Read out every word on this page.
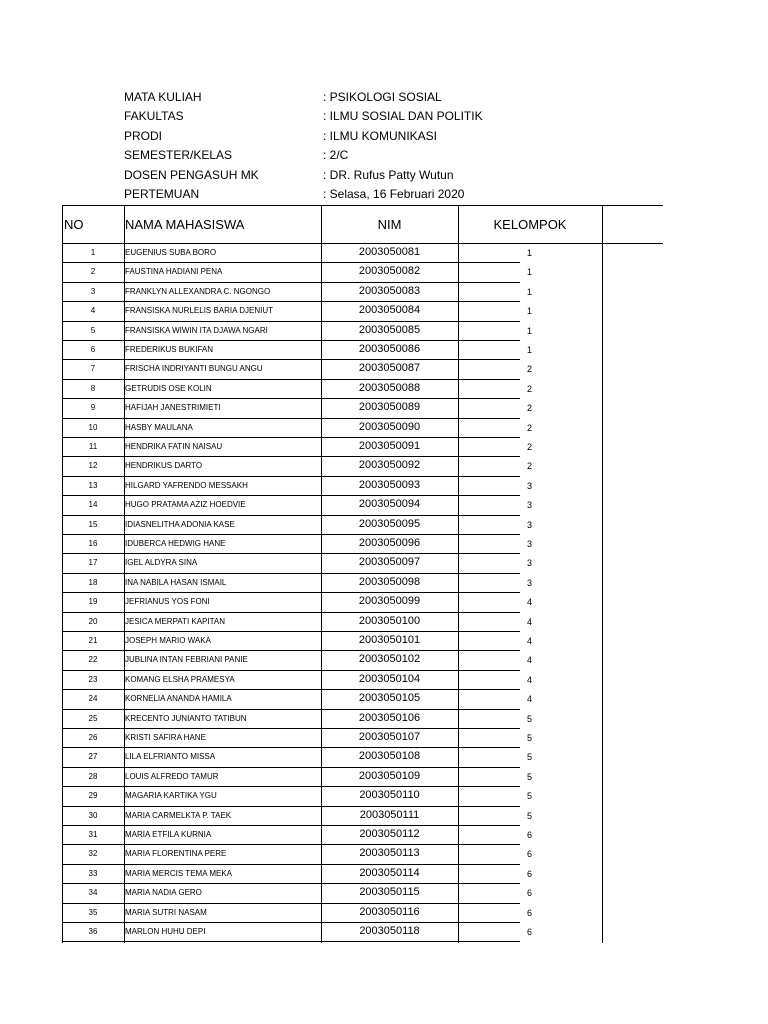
MATA KULIAH	: PSIKOLOGI SOSIAL
FAKULTAS	: ILMU SOSIAL DAN POLITIK
PRODI	: ILMU KOMUNIKASI
SEMESTER/KELAS	: 2/C
DOSEN PENGASUH MK	: DR. Rufus Patty Wutun
PERTEMUAN	: Selasa, 16 Februari 2020
NO	NAMA MAHASISWA	NIM	KELOMPOK
1	EUGENIUS SUBA BORO	2003050081	1
2	FAUSTINA HADIANI PENA	2003050082	1
3	FRANKLYN ALLEXANDRA C. NGONGO	2003050083	1
4	FRANSISKA NURLELIS BARIA DJENIUT	2003050084	1
5	FRANSISKA WIWIN ITA DJAWA NGARI	2003050085	1
6	FREDERIKUS BUKIFAN	2003050086	1
7	FRISCHA INDRIYANTI BUNGU ANGU	2003050087	2
8	GETRUDIS OSE KOLIN	2003050088	2
9	HAFIJAH JANESTRIMIETI	2003050089	2
10	HASBY MAULANA	2003050090	2
11	HENDRIKA FATIN NAISAU	2003050091	2
12	HENDRIKUS DARTO	2003050092	2
13	HILGARD YAFRENDO MESSAKH	2003050093	3
14	HUGO PRATAMA AZIZ HOEDVIE	2003050094	3
15	IDIASNELITHA ADONIA KASE	2003050095	3
16	IDUBERCA HEDWIG HANE	2003050096	3
17	IGEL ALDYRA SINA	2003050097	3
18	INA NABILA HASAN ISMAIL	2003050098	3
19	JEFRIANUS YOS FONI	2003050099	4
20	JESICA MERPATI KAPITAN	2003050100	4
21	JOSEPH MARIO WAKA	2003050101	4
22	JUBLINA INTAN FEBRIANI PANIE	2003050102	4
23	KOMANG ELSHA PRAMESYA	2003050104	4
24	KORNELIA ANANDA HAMILA	2003050105	4
25	KRECENTO JUNIANTO TATIBUN	2003050106	5
26	KRISTI SAFIRA HANE	2003050107	5
27	LILA ELFRIANTO MISSA	2003050108	5
28	LOUIS ALFREDO TAMUR	2003050109	5
29	MAGARIA KARTIKA YGU	2003050110	5
30	MARIA CARMELKTA P. TAEK	2003050111	5
31	MARIA ETFILA KURNIA	2003050112	6
32	MARIA FLORENTINA PERE	2003050113	6
33	MARIA MERCIS TEMA MEKA	2003050114	6
34	MARIA NADIA GERO	2003050115	6
35	MARIA SUTRI NASAM	2003050116	6
36	MARLON HUHU DEPI	2003050118	6
